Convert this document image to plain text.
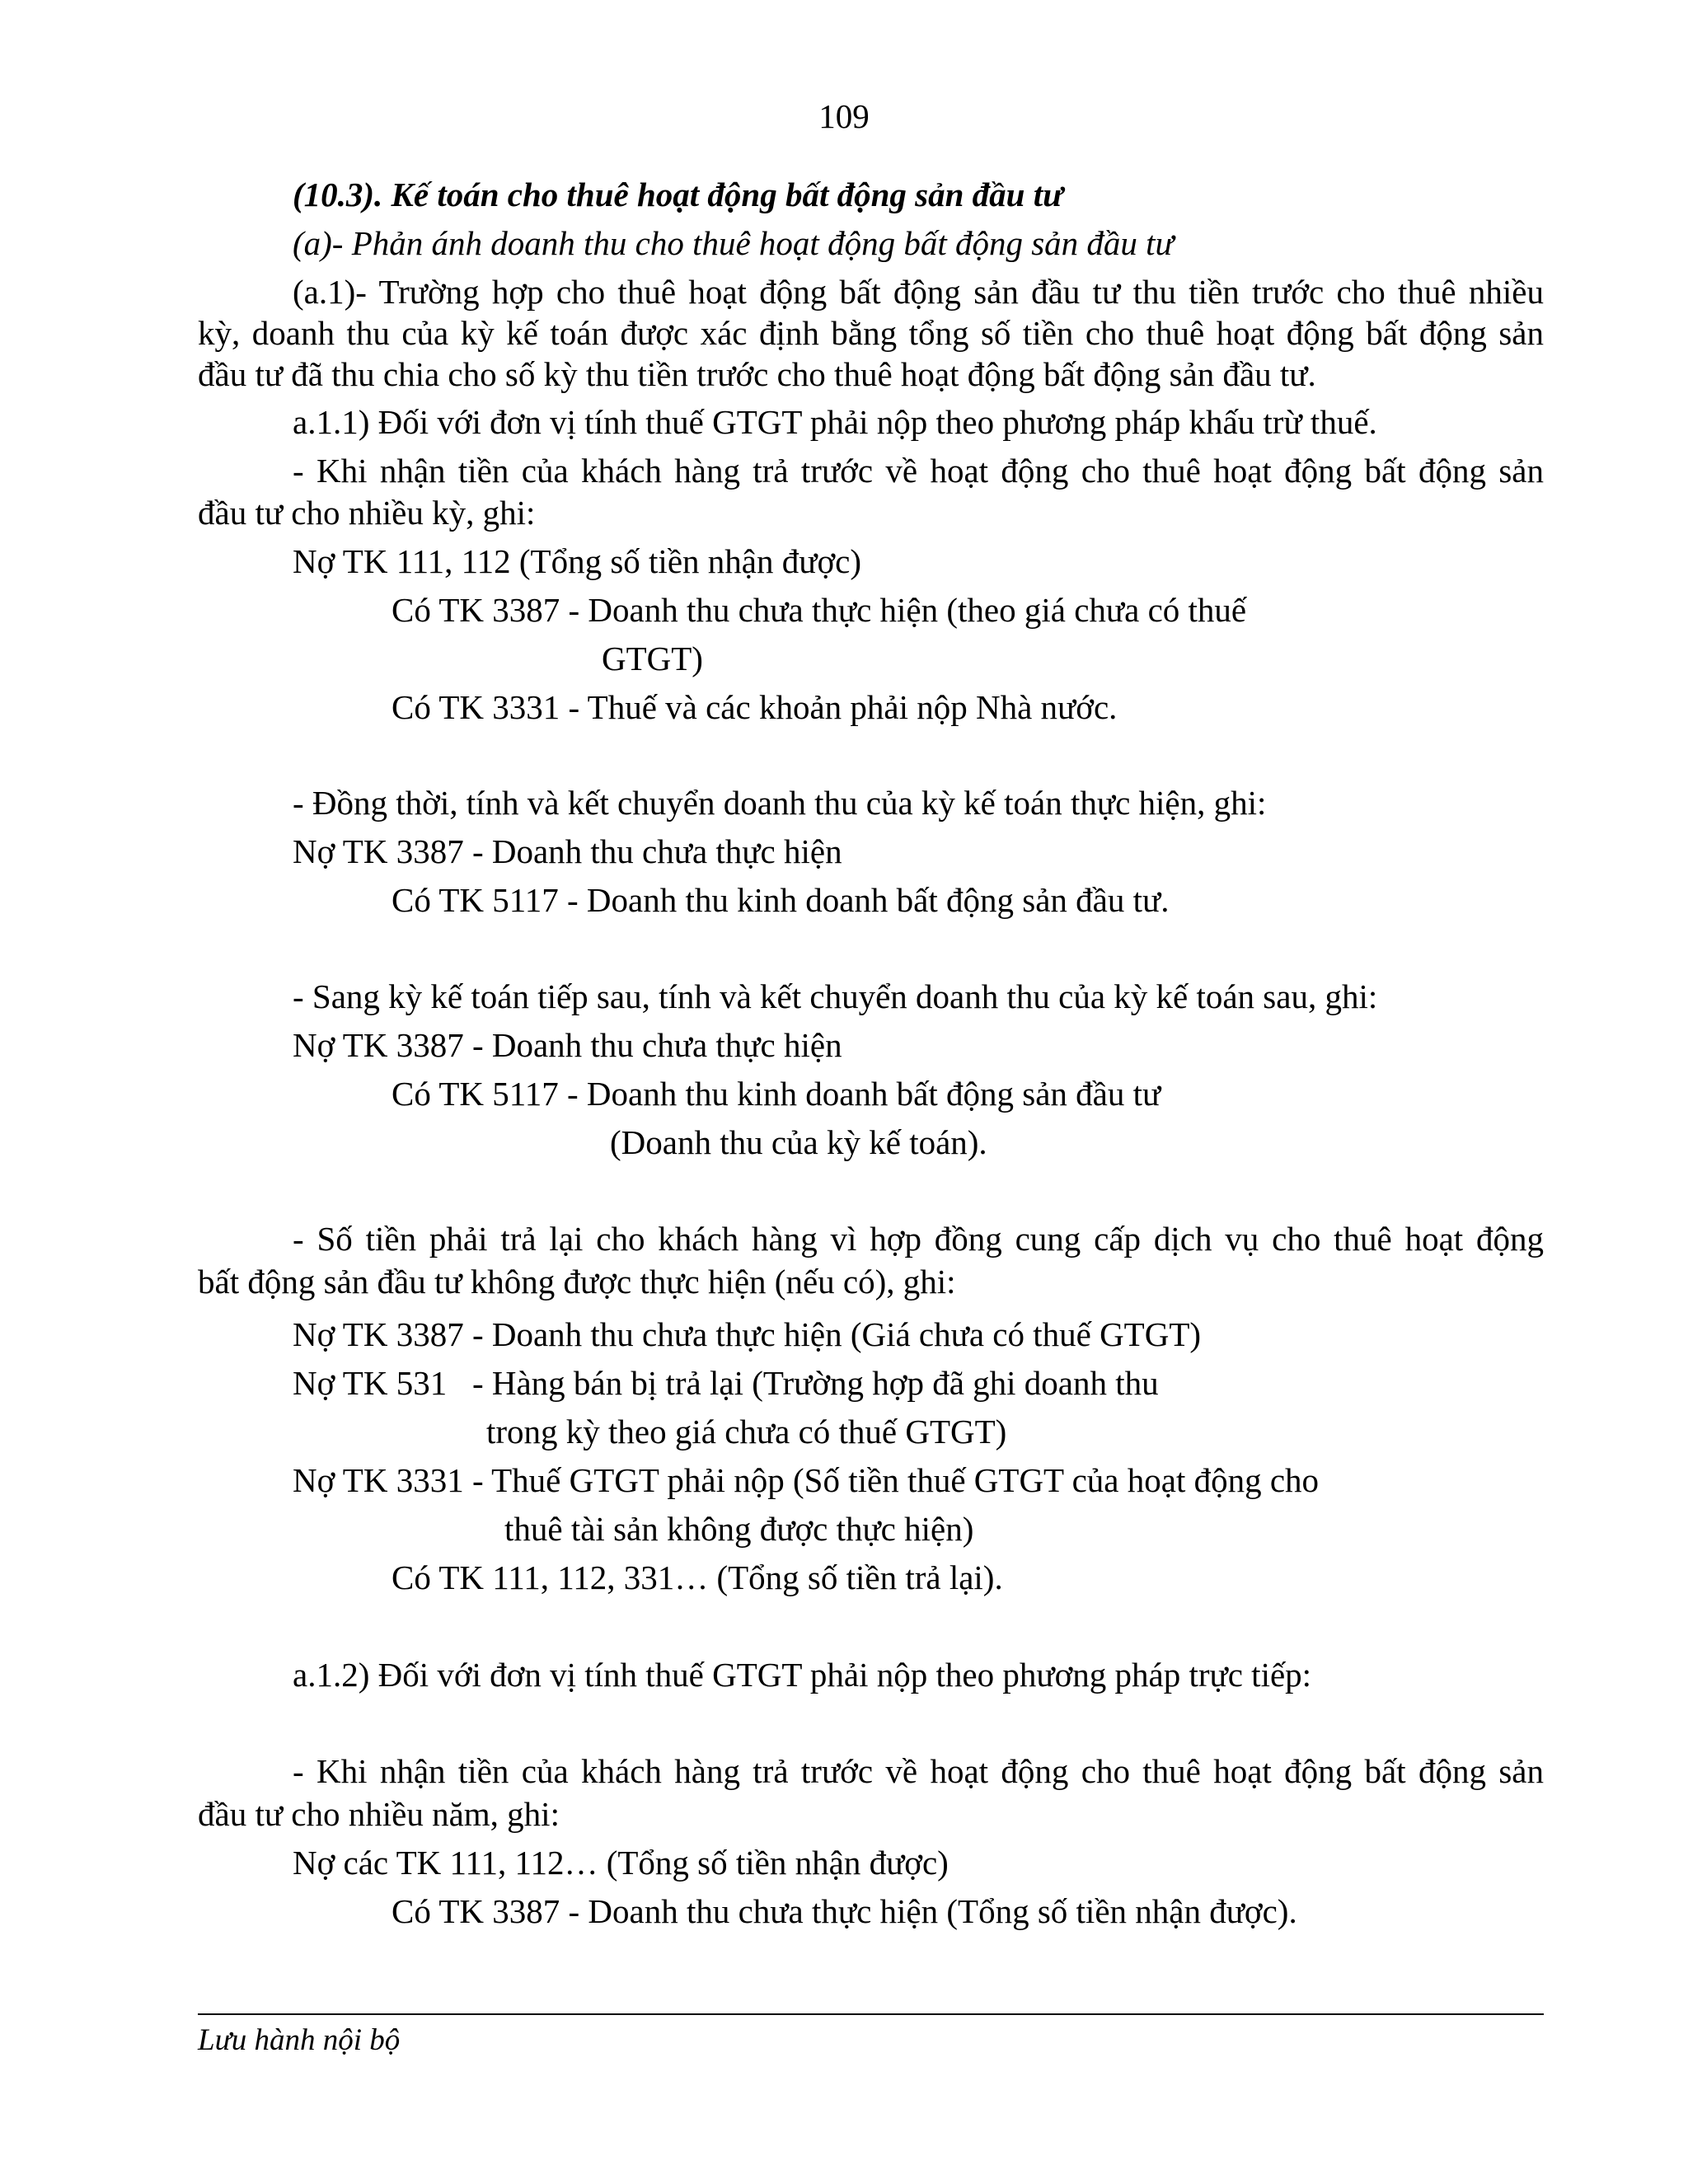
109
(10.3). Kế toán cho thuê hoạt động bất động sản đầu tư
(a)- Phản ánh doanh thu cho thuê hoạt động bất động sản đầu tư
(a.1)- Trường hợp cho thuê hoạt động bất động sản đầu tư thu tiền trước cho thuê nhiều
kỳ, doanh thu của kỳ kế toán được xác định bằng tổng số tiền cho thuê hoạt động bất động sản
đầu tư đã thu chia cho số kỳ thu tiền trước cho thuê hoạt động bất động sản đầu tư.
a.1.1) Đối với đơn vị tính thuế GTGT phải nộp theo phương pháp khấu trừ thuế.
- Khi nhận tiền của khách hàng trả trước về hoạt động cho thuê hoạt động bất động sản
đầu tư cho nhiều kỳ, ghi:
Nợ TK 111, 112 (Tổng số tiền nhận được)
Có TK 3387 - Doanh thu chưa thực hiện (theo giá chưa có thuế
GTGT)
Có TK 3331 - Thuế và các khoản phải nộp Nhà nước.
- Đồng thời, tính và kết chuyển doanh thu của kỳ kế toán thực hiện, ghi:
Nợ TK 3387 - Doanh thu chưa thực hiện
Có TK 5117 - Doanh thu kinh doanh bất động sản đầu tư.
- Sang kỳ kế toán tiếp sau, tính và kết chuyển doanh thu của kỳ kế toán sau, ghi:
Nợ TK 3387 - Doanh thu chưa thực hiện
Có TK 5117 - Doanh thu kinh doanh bất động sản đầu tư
(Doanh thu của kỳ kế toán).
- Số tiền phải trả lại cho khách hàng vì hợp đồng cung cấp dịch vụ cho thuê hoạt động
bất động sản đầu tư không được thực hiện (nếu có), ghi:
Nợ TK 3387 - Doanh thu chưa thực hiện (Giá chưa có thuế GTGT)
Nợ TK 531   - Hàng bán bị trả lại (Trường hợp đã ghi doanh thu
trong kỳ theo giá chưa có thuế GTGT)
Nợ TK 3331 - Thuế GTGT phải nộp (Số tiền thuế GTGT của hoạt động cho
thuê tài sản không được thực hiện)
Có TK 111, 112, 331… (Tổng số tiền trả lại).
a.1.2) Đối với đơn vị tính thuế GTGT phải nộp theo phương pháp trực tiếp:
- Khi nhận tiền của khách hàng trả trước về hoạt động cho thuê hoạt động bất động sản
đầu tư cho nhiều năm, ghi:
Nợ các TK 111, 112… (Tổng số tiền nhận được)
Có TK 3387 - Doanh thu chưa thực hiện (Tổng số tiền nhận được).
Lưu hành nội bộ
